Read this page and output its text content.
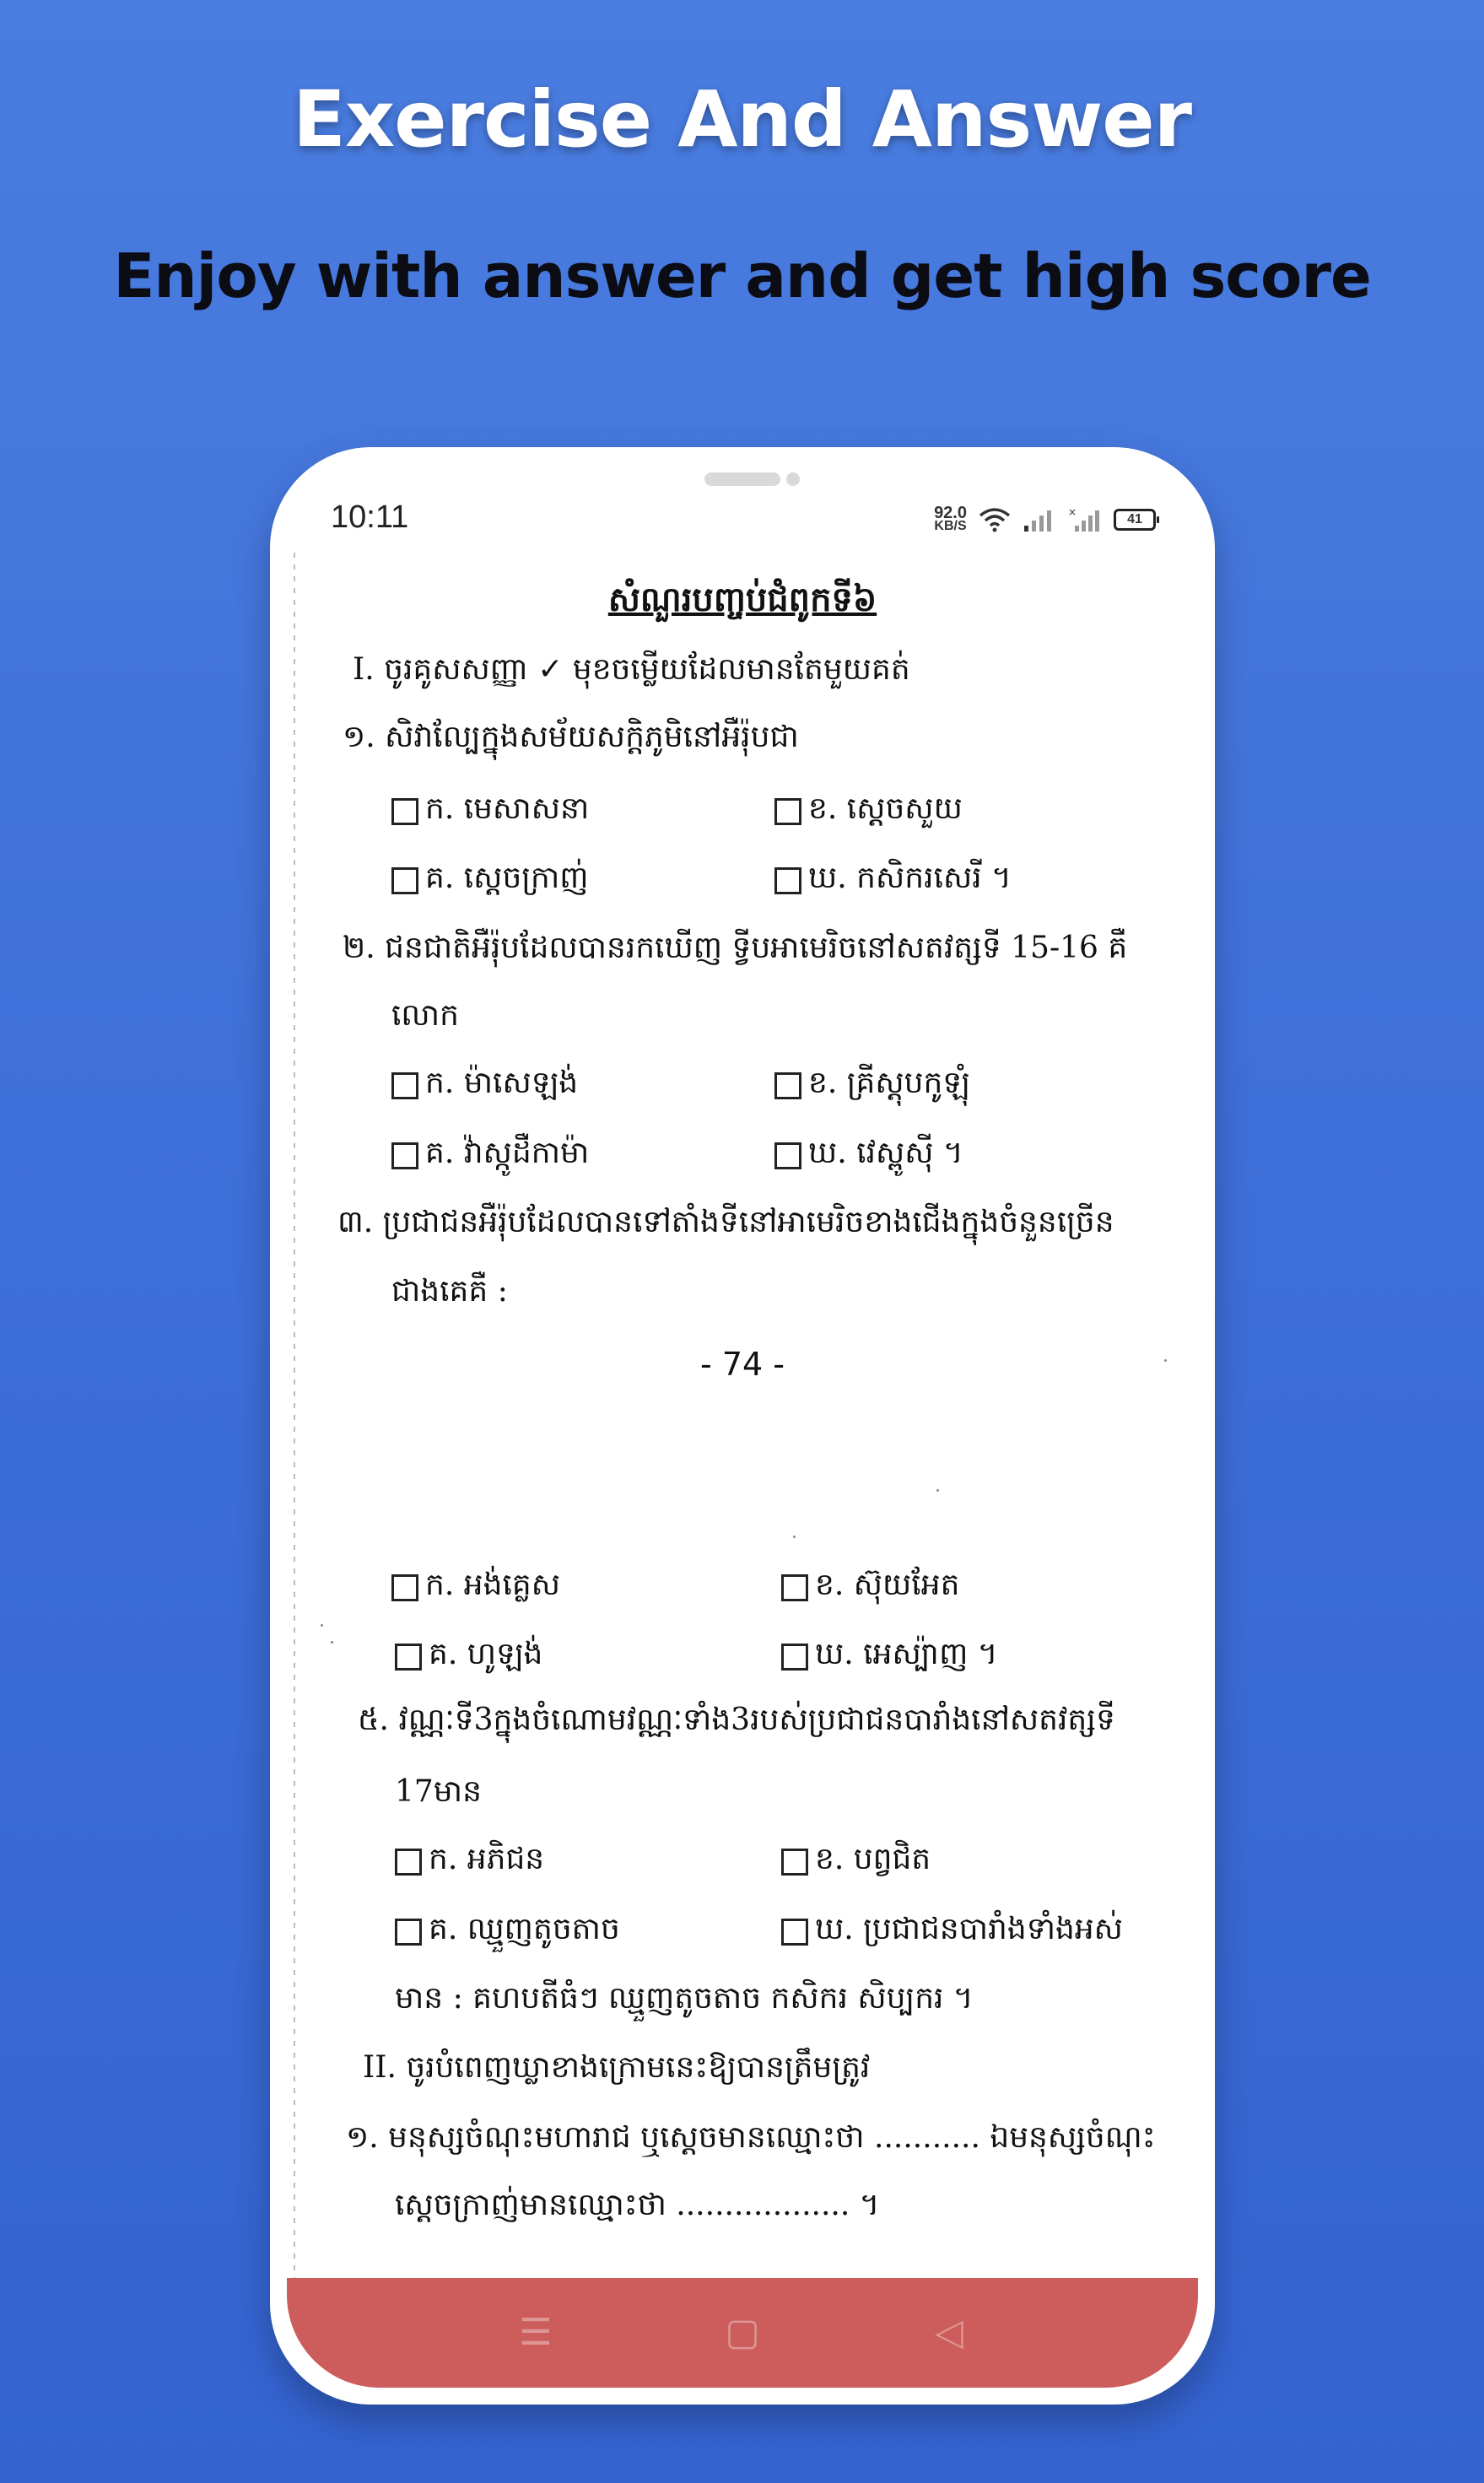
Exercise And Answer
Enjoy with answer and get high score
10:11	92.0
KB/S
×	41
សំណួរបញ្ចប់ជំពូកទី៦
I. ចូរគូសសញ្ញា ✓ មុខចម្លើយដែលមានតែមួយគត់
១. សិវាល្បែក្នុងសម័យសក្តិភូមិនៅអឺរ៉ុបជា
ក. មេសាសនា	ខ. ស្តេចសួយ
គ. ស្តេចក្រាញ់	ឃ. កសិករសេរី ។
២. ជនជាតិអឺរ៉ុបដែលបានរកឃើញ ទ្វីបអាមេរិចនៅសតវត្សទី 15-16 គឺ
លោក
ក. ម៉ាសេឡង់	ខ. គ្រីស្តុបកូឡុំ
គ. វ៉ាស្កូដឺកាម៉ា	ឃ. វេស្ពូស៊ី ។
៣. ប្រជាជនអឺរ៉ុបដែលបានទៅតាំងទីនៅអាមេរិចខាងជើងក្នុងចំនួនច្រើន
ជាងគេគឺ :
- 74 -
ក. អង់គ្លេស	ខ. ស៊ុយអែត
គ. ហូឡង់	ឃ. អេស្ប៉ាញ ។
៥. វណ្ណៈទី3ក្នុងចំណោមវណ្ណៈទាំង3របស់ប្រជាជនបារាំងនៅសតវត្សទី
17មាន
ក. អភិជន	ខ. បព្វជិត
គ. ឈ្មួញតូចតាច	ឃ. ប្រជាជនបារាំងទាំងអស់
មាន : គហបតីធំៗ ឈ្មួញតូចតាច កសិករ សិប្បករ ។
II. ចូរបំពេញឃ្លាខាងក្រោមនេះឱ្យបានត្រឹមត្រូវ
១. មនុស្សចំណុះមហារាជ ឬស្តេចមានឈ្មោះថា ........... ឯមនុស្សចំណុះ
ស្តេចក្រាញ់មានឈ្មោះថា .................. ។
☰	▢	◁
